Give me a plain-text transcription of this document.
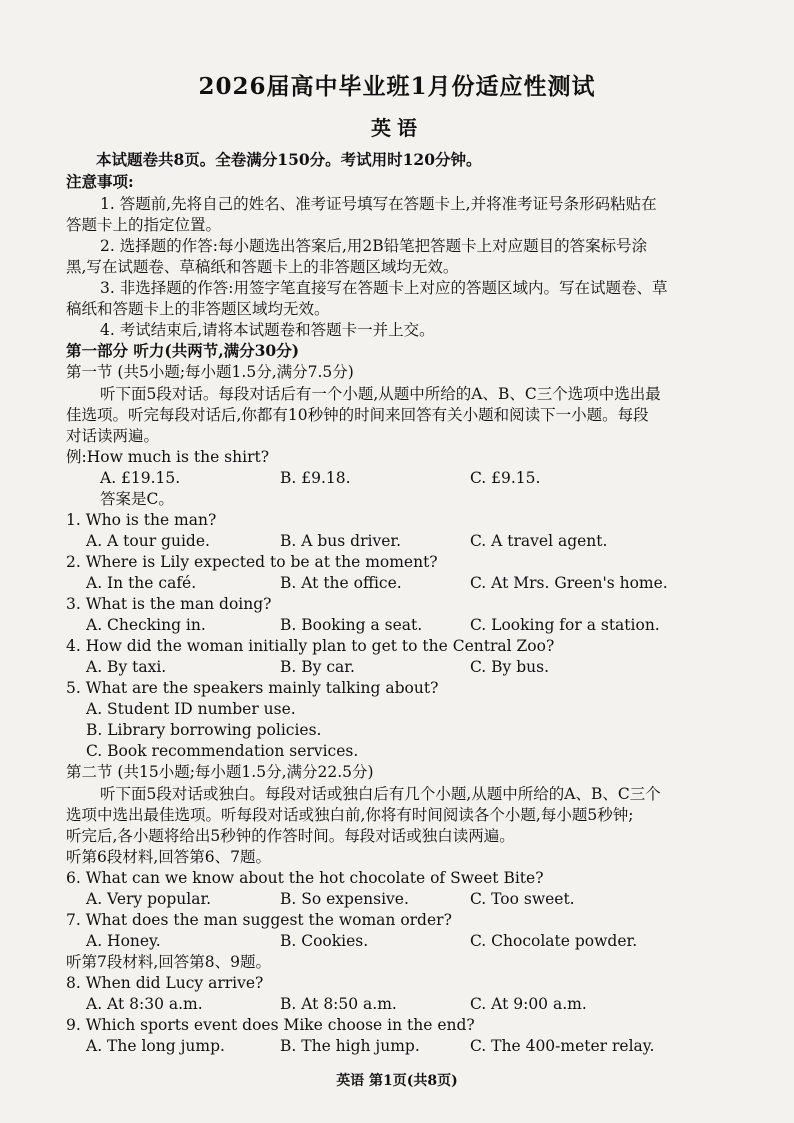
2026届高中毕业班1月份适应性测试
英语
本试题卷共8页。全卷满分150分。考试用时120分钟。
注意事项:
1. 答题前,先将自己的姓名、准考证号填写在答题卡上,并将准考证号条形码粘贴在
答题卡上的指定位置。
2. 选择题的作答:每小题选出答案后,用2B铅笔把答题卡上对应题目的答案标号涂
黑,写在试题卷、草稿纸和答题卡上的非答题区域均无效。
3. 非选择题的作答:用签字笔直接写在答题卡上对应的答题区域内。写在试题卷、草
稿纸和答题卡上的非答题区域均无效。
4. 考试结束后,请将本试题卷和答题卡一并上交。
第一部分 听力(共两节,满分30分)
第一节 (共5小题;每小题1.5分,满分7.5分)
听下面5段对话。每段对话后有一个小题,从题中所给的A、B、C三个选项中选出最
佳选项。听完每段对话后,你都有10秒钟的时间来回答有关小题和阅读下一小题。每段
对话读两遍。
例:How much is the shirt?
A. £19.15.	B. £9.18.	C. £9.15.
答案是C。
1. Who is the man?
A. A tour guide.	B. A bus driver.	C. A travel agent.
2. Where is Lily expected to be at the moment?
A. In the café.	B. At the office.	C. At Mrs. Green's home.
3. What is the man doing?
A. Checking in.	B. Booking a seat.	C. Looking for a station.
4. How did the woman initially plan to get to the Central Zoo?
A. By taxi.	B. By car.	C. By bus.
5. What are the speakers mainly talking about?
A. Student ID number use.
B. Library borrowing policies.
C. Book recommendation services.
第二节 (共15小题;每小题1.5分,满分22.5分)
听下面5段对话或独白。每段对话或独白后有几个小题,从题中所给的A、B、C三个
选项中选出最佳选项。听每段对话或独白前,你将有时间阅读各个小题,每小题5秒钟;
听完后,各小题将给出5秒钟的作答时间。每段对话或独白读两遍。
听第6段材料,回答第6、7题。
6. What can we know about the hot chocolate of Sweet Bite?
A. Very popular.	B. So expensive.	C. Too sweet.
7. What does the man suggest the woman order?
A. Honey.	B. Cookies.	C. Chocolate powder.
听第7段材料,回答第8、9题。
8. When did Lucy arrive?
A. At 8:30 a.m.	B. At 8:50 a.m.	C. At 9:00 a.m.
9. Which sports event does Mike choose in the end?
A. The long jump.	B. The high jump.	C. The 400-meter relay.
英语 第1页(共8页)
